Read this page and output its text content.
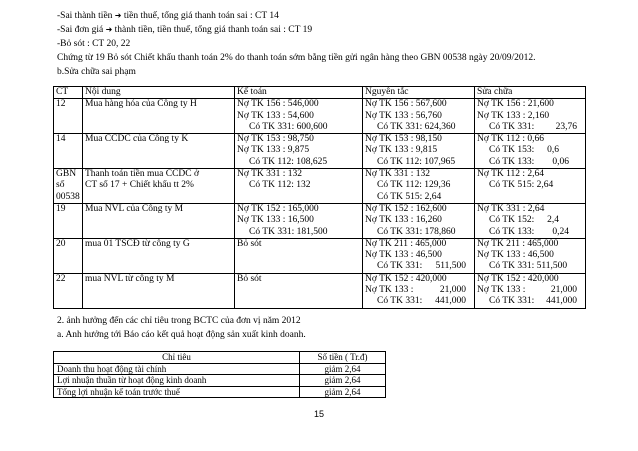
-Sai thành tiền ➜ tiền thuế, tổng giá thanh toán sai : CT 14
-Sai đơn giá ➜ thành tiền, tiền thuế, tổng giá thanh toán sai : CT 19
-Bỏ sót : CT 20, 22
Chứng từ 19 Bỏ sót Chiết khấu thanh toán 2% do thanh toán sớm bằng tiền gửi ngân hàng theo GBN 00538 ngày 20/09/2012.
b.Sửa chữa sai phạm
CT	Nội dung	Kế toán	Nguyên tắc	Sửa chữa

12	Mua hàng hóa của Công ty H	Nợ TK 156 : 546,000
Nợ TK 133 : 54,600
Có TK 331: 600,600	Nợ TK 156 : 567,600
Nợ TK 133 : 56,760
Có TK 331: 624,360	Nợ TK 156 : 21,600
Nợ TK 133 : 2,160
Có TK 331: 23,76

14	Mua CCDC của Công ty K	Nợ TK 153 : 98,750
Nợ TK 133 : 9,875
Có TK 112: 108,625	Nợ TK 153 : 98,150
Nợ TK 133 : 9,815
Có TK 112: 107,965	Nợ TK 112 : 0,66
Có TK 153: 0,6
Có TK 133: 0,06

GBN
số
00538	Thanh toán tiền mua CCDC ở
CT số 17 + Chiết khấu tt 2%	Nợ TK 331 : 132
Có TK 112: 132	Nợ TK 331 : 132
Có TK 112: 129,36
Có TK 515: 2,64	Nợ TK 112 : 2,64
Có TK 515: 2,64

19	Mua NVL của Công ty M	Nợ TK 152 : 165,000
Nợ TK 133 : 16,500
Có TK 331: 181,500	Nợ TK 152 : 162,600
Nợ TK 133 : 16,260
Có TK 331: 178,860	Nợ TK 331 : 2,64
Có TK 152: 2,4
Có TK 133: 0,24

20	mua 01 TSCĐ từ công ty G	Bỏ sót	Nợ TK 211 : 465,000
Nợ TK 133 : 46,500
Có TK 331: 511,500	Nợ TK 211 : 465,000
Nợ TK 133 : 46,500
Có TK 331: 511,500

22	mua NVL từ công ty M	Bỏ sót	Nợ TK 152 : 420,000
Nợ TK 133 : 21,000
Có TK 331: 441,000	Nợ TK 152 : 420,000
Nợ TK 133 : 21,000
Có TK 331: 441,000
2. ảnh hưởng đến các chỉ tiêu trong BCTC của đơn vị năm 2012
a. Anh hưởng tới Báo cáo kết quả hoạt động sản xuất kinh doanh.
Chỉ tiêu	Số tiền ( Tr.đ)
Doanh thu hoạt động tài chính	giảm 2,64
Lợi nhuận thuần từ hoạt động kinh doanh	giảm 2,64
Tổng lợi nhuận kế toán trước thuế	giảm 2,64
15
